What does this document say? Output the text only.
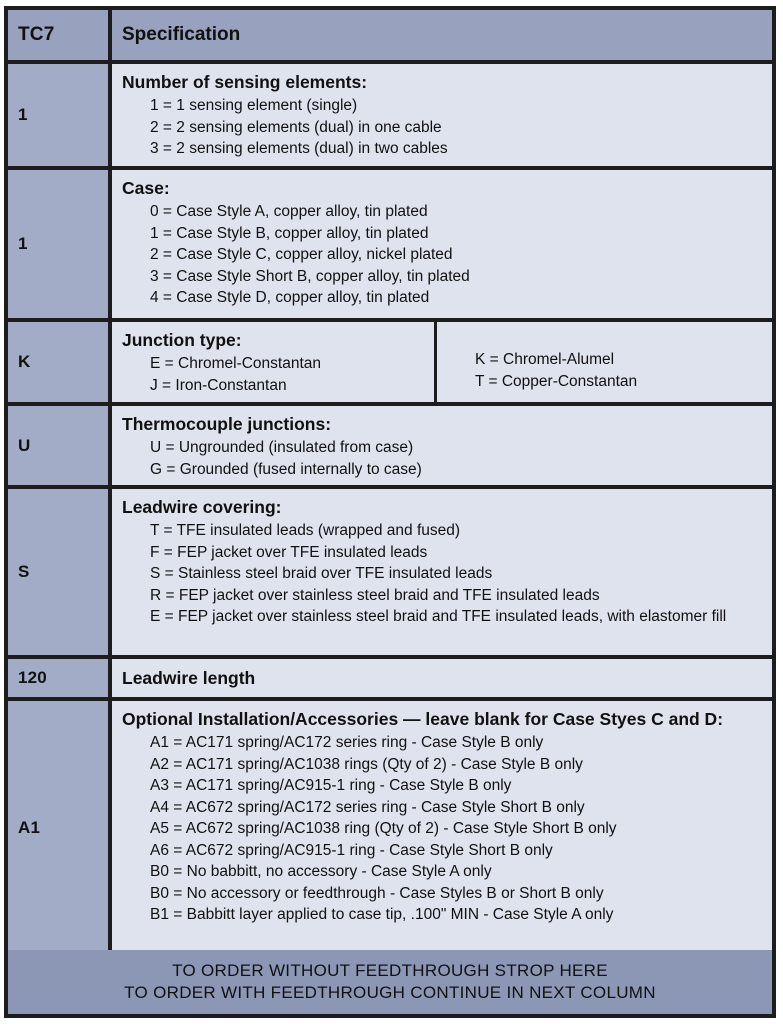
TC7	Specification
1
Number of sensing elements:
1 = 1 sensing element (single)
2 = 2 sensing elements (dual) in one cable
3 = 2 sensing elements (dual) in two cables
1
Case:
0 = Case Style A, copper alloy, tin plated
1 = Case Style B, copper alloy, tin plated
2 = Case Style C, copper alloy, nickel plated
3 = Case Style Short B, copper alloy, tin plated
4 = Case Style D, copper alloy, tin plated
K
Junction type:
E = Chromel-Constantan
J = Iron-Constantan
K = Chromel-Alumel
T = Copper-Constantan
U
Thermocouple junctions:
U = Ungrounded (insulated from case)
G = Grounded (fused internally to case)
S
Leadwire covering:
T = TFE insulated leads (wrapped and fused)
F = FEP jacket over TFE insulated leads
S = Stainless steel braid over TFE insulated leads
R = FEP jacket over stainless steel braid and TFE insulated leads
E = FEP jacket over stainless steel braid and TFE insulated leads, with elastomer fill
120	Leadwire length
A1
Optional Installation/Accessories — leave blank for Case Styes C and D:
A1 = AC171 spring/AC172 series ring - Case Style B only
A2 = AC171 spring/AC1038 rings (Qty of 2) - Case Style B only
A3 = AC171 spring/AC915-1 ring - Case Style B only
A4 = AC672 spring/AC172 series ring - Case Style Short B only
A5 = AC672 spring/AC1038 ring (Qty of 2) - Case Style Short B only
A6 = AC672 spring/AC915-1 ring - Case Style Short B only
B0 = No babbitt, no accessory - Case Style A only
B0 = No accessory or feedthrough - Case Styles B or Short B only
B1 = Babbitt layer applied to case tip, .100" MIN - Case Style A only
TO ORDER WITHOUT FEEDTHROUGH STROP HERE
TO ORDER WITH FEEDTHROUGH CONTINUE IN NEXT COLUMN
